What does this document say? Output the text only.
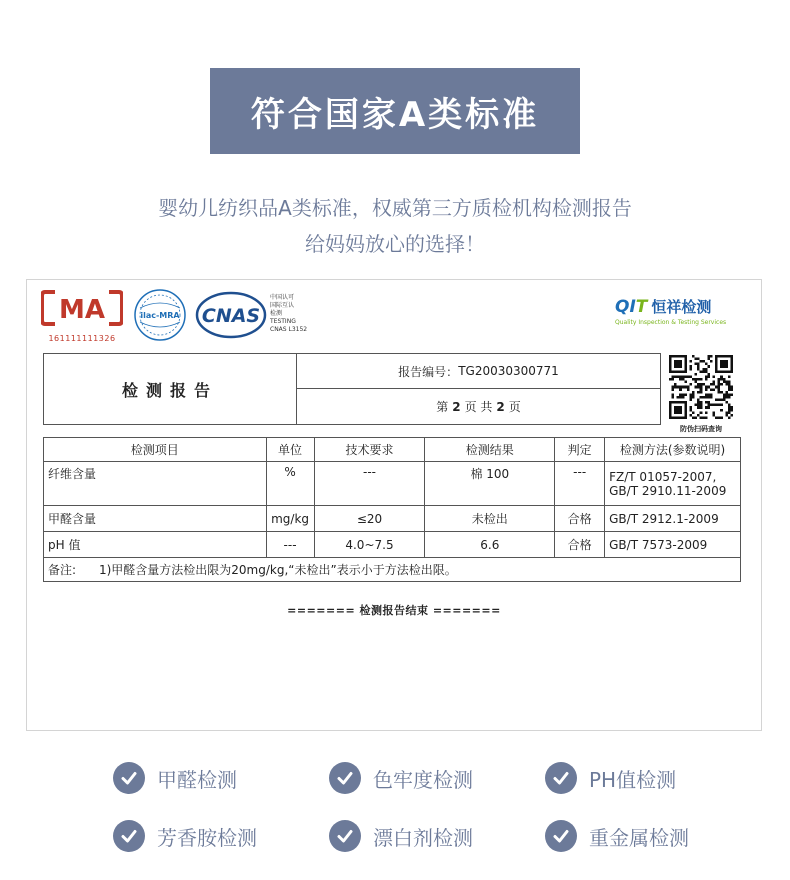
符合国家A类标准
婴幼儿纺织品A类标准，权威第三方质检机构检测报告
给妈妈放心的选择！
MA
161111111326
ilac-MRA CNAS
中国认可
国际互认
检测
TESTING
CNAS L3152
QIT 恒祥检测
Quality Inspection & Testing Services
检测报告
报告编号： TG20030300771
第 2 页 共 2 页
防伪扫码查询
检测项目	单位	技术要求	检测结果	判定	检测方法(参数说明)
纤维含量	%	---	棉 100	---	FZ/T 01057-2007,
GB/T 2910.11-2009

甲醛含量	mg/kg	≤20	未检出	合格	GB/T 2912.1-2009
pH 值	---	4.0~7.5	6.6	合格	GB/T 7573-2009
备注: 1)甲醛含量方法检出限为20mg/kg,“未检出”表示小于方法检出限。					
======= 检测报告结束 =======
甲醛检测	色牢度检测	PH值检测
芳香胺检测	漂白剂检测	重金属检测
